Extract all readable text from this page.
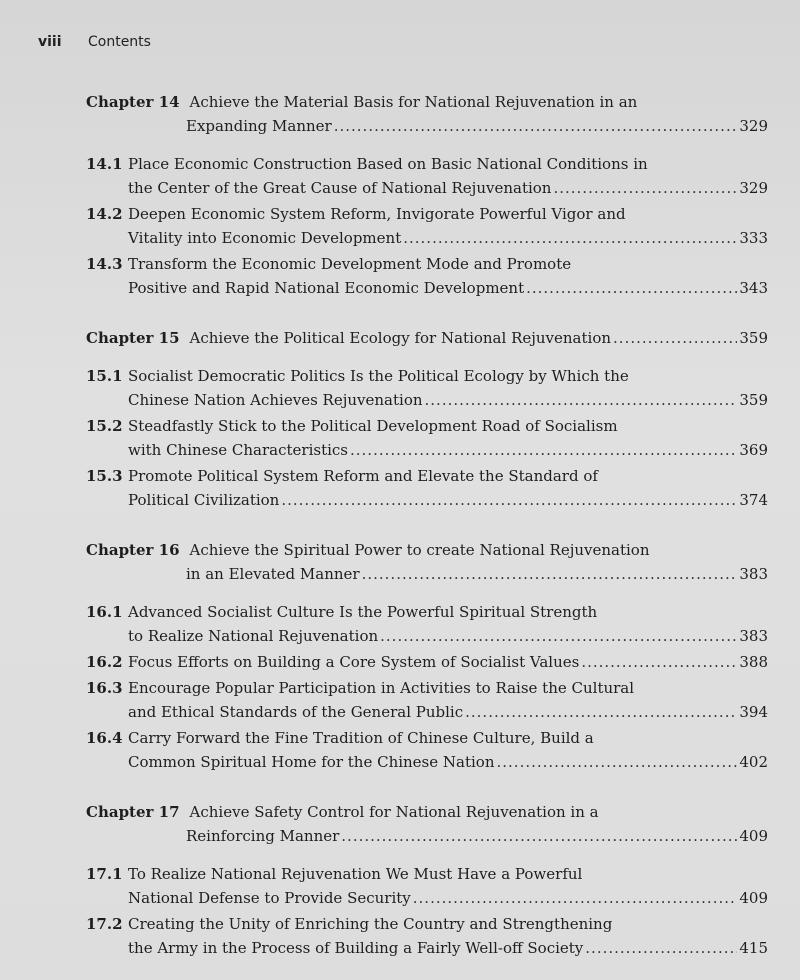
viii Contents
Chapter 14 Achieve the Material Basis for National Rejuvenation in an
Expanding Manner .....	329
14.1 Place Economic Construction Based on Basic National Conditions in
the Center of the Great Cause of National Rejuvenation .....	329
14.2 Deepen Economic System Reform, Invigorate Powerful Vigor and
Vitality into Economic Development .....	333
14.3 Transform the Economic Development Mode and Promote
Positive and Rapid National Economic Development .....	343
Chapter 15 Achieve the Political Ecology for National Rejuvenation .....	359
15.1 Socialist Democratic Politics Is the Political Ecology by Which the
Chinese Nation Achieves Rejuvenation .....	359
15.2 Steadfastly Stick to the Political Development Road of Socialism
with Chinese Characteristics .....	369
15.3 Promote Political System Reform and Elevate the Standard of
Political Civilization .....	374
Chapter 16 Achieve the Spiritual Power to create National Rejuvenation
in an Elevated Manner .....	383
16.1 Advanced Socialist Culture Is the Powerful Spiritual Strength
to Realize National Rejuvenation .....	383
16.2 Focus Efforts on Building a Core System of Socialist Values .....	388
16.3 Encourage Popular Participation in Activities to Raise the Cultural
and Ethical Standards of the General Public .....	394
16.4 Carry Forward the Fine Tradition of Chinese Culture, Build a
Common Spiritual Home for the Chinese Nation .....	402
Chapter 17 Achieve Safety Control for National Rejuvenation in a
Reinforcing Manner .....	409
17.1 To Realize National Rejuvenation We Must Have a Powerful
National Defense to Provide Security .....	409
17.2 Creating the Unity of Enriching the Country and Strengthening
the Army in the Process of Building a Fairly Well-off Society .....	415
